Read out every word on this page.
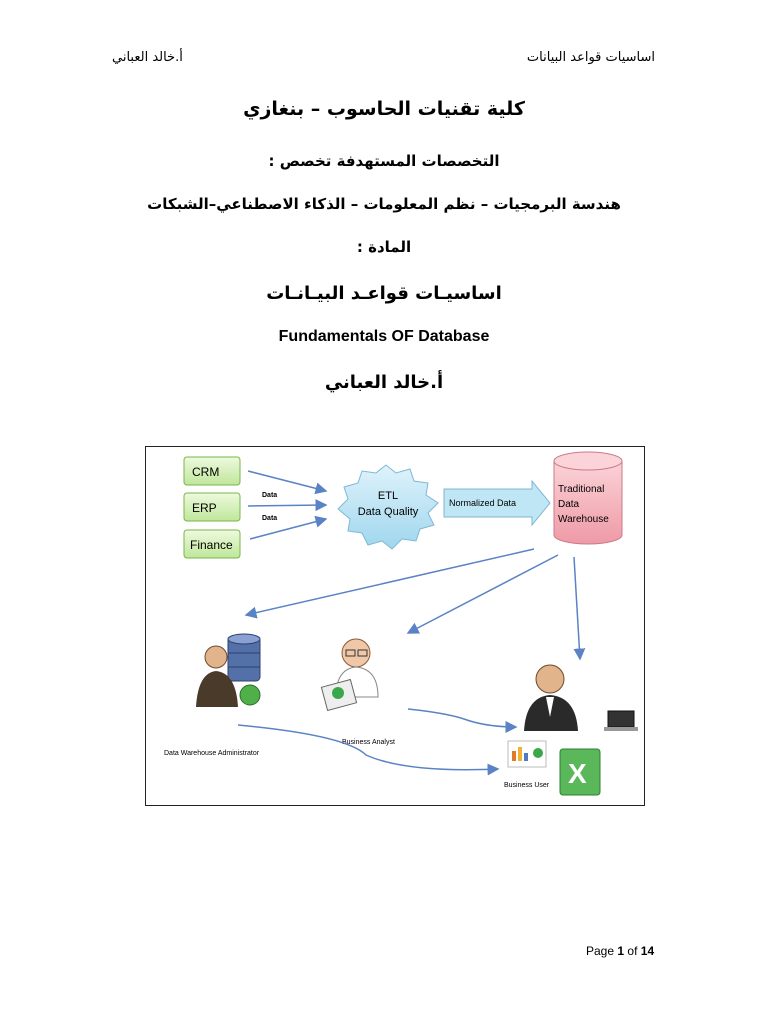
أ.خالد العباني	اساسيات قواعد البيانات
كلية تقنيات الحاسوب – بنغازي
التخصصات المستهدفة تخصص :
هندسة البرمجيات – نظم المعلومات – الذكاء الاصطناعي–الشبكات
المادة :
اساسيـات قواعـد البيـانـات
Fundamentals OF Database
أ.خالد العباني
CRM
ERP
Finance
Data
Data
ETL
Data Quality
Normalized Data
Traditional
Data
Warehouse
Data Warehouse Administrator
Business Analyst
X
Business User
Page 1 of 14
